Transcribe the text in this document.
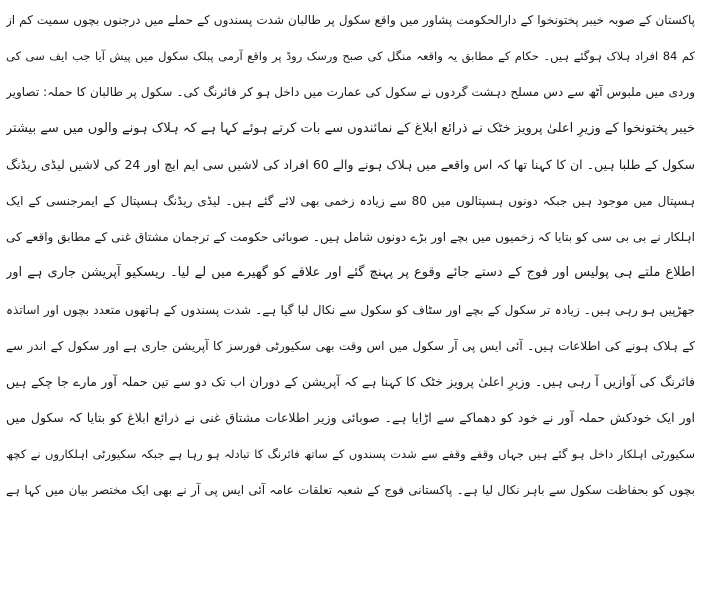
پاکستان کے صوبہ خیبر پختونخوا کے دارالحکومت پشاور میں واقع سکول پر طالبان شدت پسندوں کے حملے میں درجنوں بچوں سمیت کم از
کم 84 افراد ہلاک ہوگئے ہیں۔ حکام کے مطابق یہ واقعہ منگل کی صبح ورسک روڈ پر واقع آرمی پبلک سکول میں پیش آیا جب ایف سی کی
وردی میں ملبوس آٹھ سے دس مسلح دہشت گردوں نے سکول کی عمارت میں داخل ہو کر فائرنگ کی۔ سکول پر طالبان کا حملہ: تصاویر
خیبر پختونخوا کے وزیرِ اعلیٰ پرویز خٹک نے ذرائع ابلاغ کے نمائندوں سے بات کرتے ہوئے کہا ہے کہ ہلاک ہونے والوں میں سے بیشتر
سکول کے طلبا ہیں۔ ان کا کہنا تھا کہ اس واقعے میں ہلاک ہونے والے 60 افراد کی لاشیں سی ایم ایچ اور 24 کی لاشیں لیڈی ریڈنگ
ہسپتال میں موجود ہیں جبکہ دونوں ہسپتالوں میں 80 سے زیادہ زخمی بھی لائے گئے ہیں۔ لیڈی ریڈنگ ہسپتال کے ایمرجنسی کے ایک
اہلکار نے بی بی سی کو بتایا کہ زخمیوں میں بچے اور بڑے دونوں شامل ہیں۔ صوبائی حکومت کے ترجمان مشتاق غنی کے مطابق واقعے کی
اطلاع ملتے ہی پولیس اور فوج کے دستے جائے وقوع پر پہنچ گئے اور علاقے کو گھیرے میں لے لیا۔ ریسکیو آپریشن جاری ہے اور
جھڑپیں ہو رہی ہیں۔ زیادہ تر سکول کے بچے اور سٹاف کو سکول سے نکال لیا گیا ہے۔ شدت پسندوں کے ہاتھوں متعدد بچوں اور اساتذہ
کے ہلاک ہونے کی اطلاعات ہیں۔ آئی ایس پی آر سکول میں اس وقت بھی سکیورٹی فورسز کا آپریشن جاری ہے اور سکول کے اندر سے
فائرنگ کی آوازیں آ رہی ہیں۔ وزیرِ اعلیٰ پرویز خٹک کا کہنا ہے کہ آپریشن کے دوران اب تک دو سے تین حملہ آور مارے جا چکے ہیں
اور ایک خودکش حملہ آور نے خود کو دھماکے سے اڑایا ہے۔ صوبائی وزیر اطلاعات مشتاق غنی نے ذرائع ابلاغ کو بتایا کہ سکول میں
سکیورٹی اہلکار داخل ہو گئے ہیں جہاں وقفے وقفے سے شدت پسندوں کے ساتھ فائرنگ کا تبادلہ ہو رہا ہے جبکہ سکیورٹی اہلکاروں نے کچھ
بچوں کو بحفاظت سکول سے باہر نکال لیا ہے۔ پاکستانی فوج کے شعبہ تعلقات عامہ آئی ایس پی آر نے بھی ایک مختصر بیان میں کہا ہے
